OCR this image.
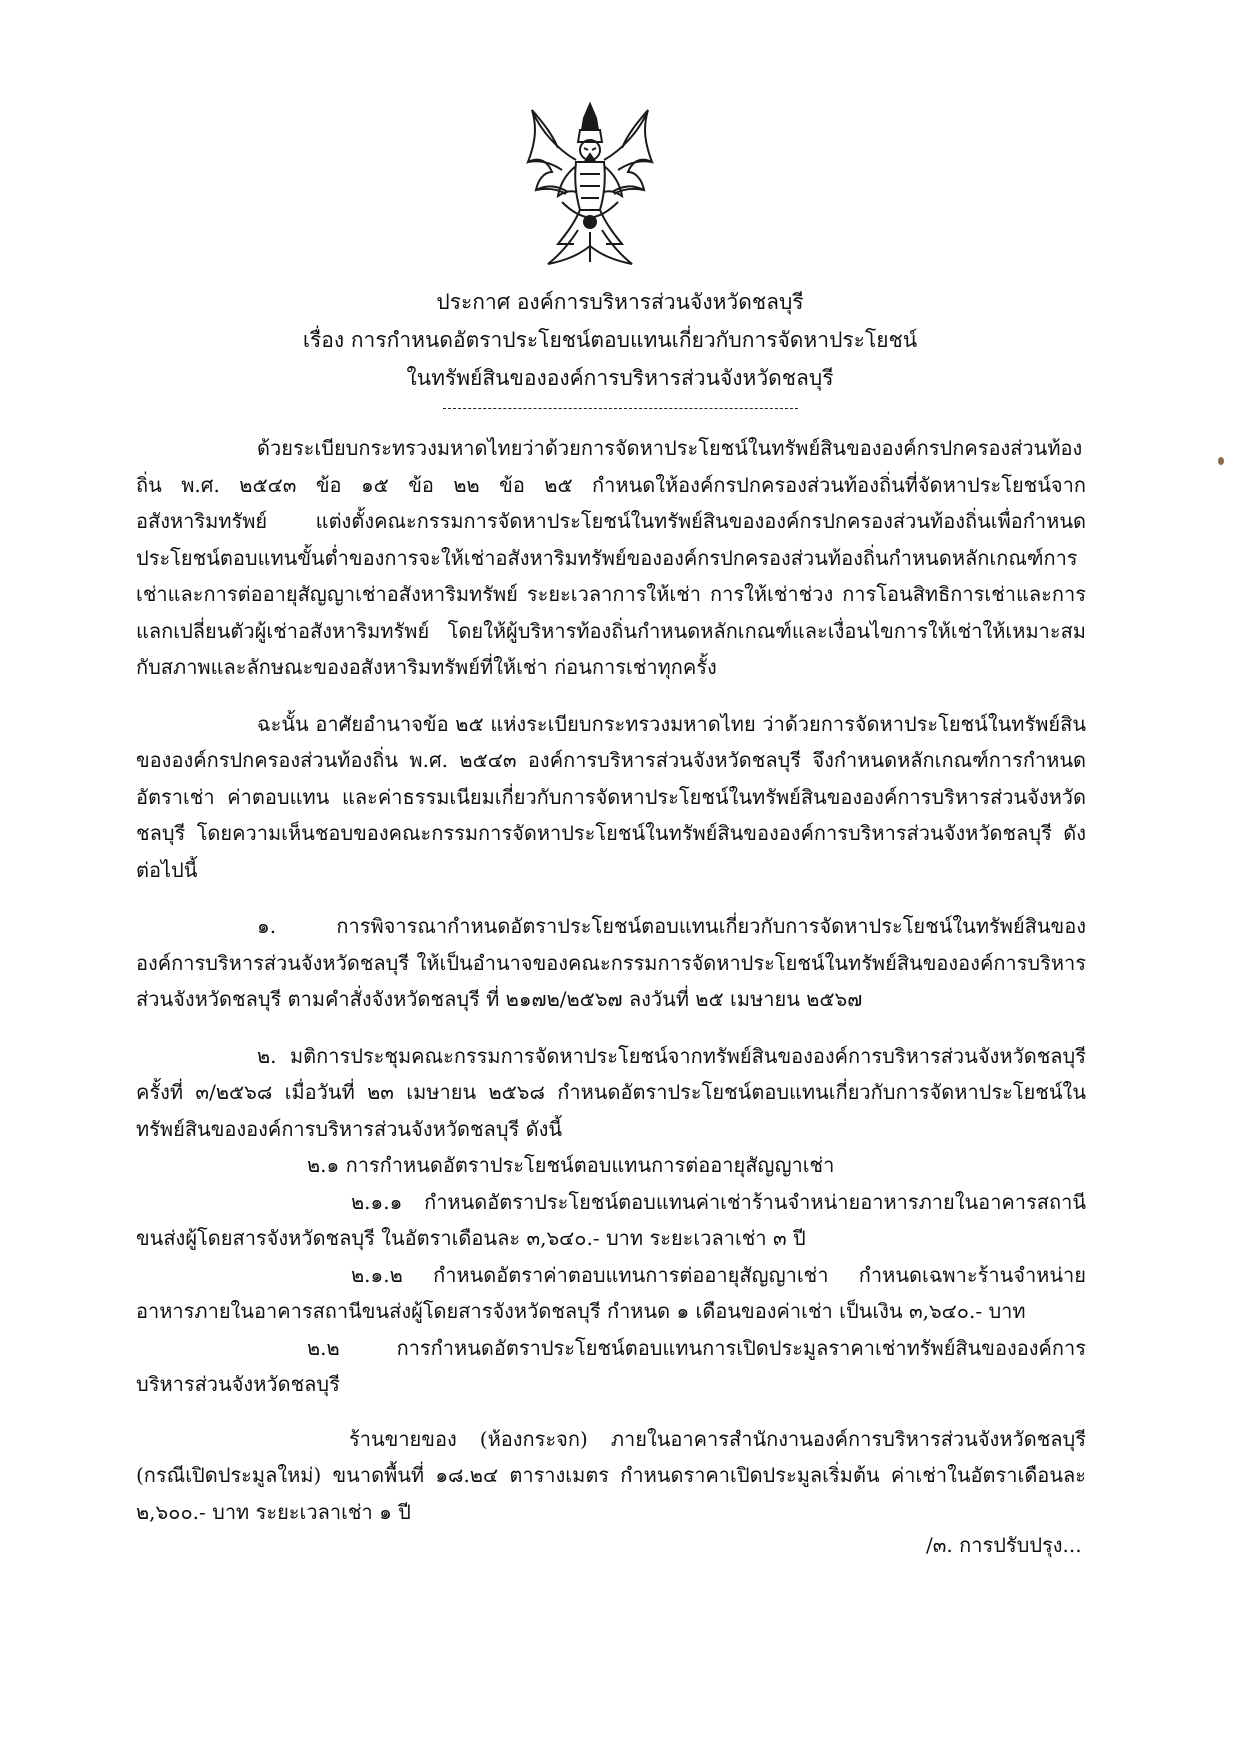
ประกาศ องค์การบริหารส่วนจังหวัดชลบุรี
เรื่อง การกำหนดอัตราประโยชน์ตอบแทนเกี่ยวกับการจัดหาประโยชน์
ในทรัพย์สินขององค์การบริหารส่วนจังหวัดชลบุรี

ด้วยระเบียบกระทรวงมหาดไทยว่าด้วยการจัดหาประโยชน์ในทรัพย์สินขององค์กรปกครองส่วนท้องถิ่น พ.ศ. ๒๕๔๓ ข้อ ๑๕ ข้อ ๒๒ ข้อ ๒๕ กำหนดให้องค์กรปกครองส่วนท้องถิ่นที่จัดหาประโยชน์จากอสังหาริมทรัพย์ แต่งตั้งคณะกรรมการจัดหาประโยชน์ในทรัพย์สินขององค์กรปกครองส่วนท้องถิ่นเพื่อกำหนดประโยชน์ตอบแทนขั้นต่ำของการจะให้เช่าอสังหาริมทรัพย์ขององค์กรปกครองส่วนท้องถิ่นกำหนดหลักเกณฑ์การเช่าและการต่ออายุสัญญาเช่าอสังหาริมทรัพย์ ระยะเวลาการให้เช่า การให้เช่าช่วง การโอนสิทธิการเช่าและการแลกเปลี่ยนตัวผู้เช่าอสังหาริมทรัพย์ โดยให้ผู้บริหารท้องถิ่นกำหนดหลักเกณฑ์และเงื่อนไขการให้เช่าให้เหมาะสมกับสภาพและลักษณะของอสังหาริมทรัพย์ที่ให้เช่า ก่อนการเช่าทุกครั้ง

ฉะนั้น อาศัยอำนาจข้อ ๒๕ แห่งระเบียบกระทรวงมหาดไทย ว่าด้วยการจัดหาประโยชน์ในทรัพย์สินขององค์กรปกครองส่วนท้องถิ่น พ.ศ. ๒๕๔๓ องค์การบริหารส่วนจังหวัดชลบุรี จึงกำหนดหลักเกณฑ์การกำหนดอัตราเช่า ค่าตอบแทน และค่าธรรมเนียมเกี่ยวกับการจัดหาประโยชน์ในทรัพย์สินขององค์การบริหารส่วนจังหวัดชลบุรี โดยความเห็นชอบของคณะกรรมการจัดหาประโยชน์ในทรัพย์สินขององค์การบริหารส่วนจังหวัดชลบุรี ดังต่อไปนี้

๑. การพิจารณากำหนดอัตราประโยชน์ตอบแทนเกี่ยวกับการจัดหาประโยชน์ในทรัพย์สินขององค์การบริหารส่วนจังหวัดชลบุรี ให้เป็นอำนาจของคณะกรรมการจัดหาประโยชน์ในทรัพย์สินขององค์การบริหารส่วนจังหวัดชลบุรี ตามคำสั่งจังหวัดชลบุรี ที่ ๒๑๗๒/๒๕๖๗ ลงวันที่ ๒๕ เมษายน ๒๕๖๗

๒. มติการประชุมคณะกรรมการจัดหาประโยชน์จากทรัพย์สินขององค์การบริหารส่วนจังหวัดชลบุรี ครั้งที่ ๓/๒๕๖๘ เมื่อวันที่ ๒๓ เมษายน ๒๕๖๘ กำหนดอัตราประโยชน์ตอบแทนเกี่ยวกับการจัดหาประโยชน์ในทรัพย์สินขององค์การบริหารส่วนจังหวัดชลบุรี ดังนี้

๒.๑ การกำหนดอัตราประโยชน์ตอบแทนการต่ออายุสัญญาเช่า

๒.๑.๑ กำหนดอัตราประโยชน์ตอบแทนค่าเช่าร้านจำหน่ายอาหารภายในอาคารสถานีขนส่งผู้โดยสารจังหวัดชลบุรี ในอัตราเดือนละ ๓,๖๔๐.- บาท ระยะเวลาเช่า ๓ ปี

๒.๑.๒ กำหนดอัตราค่าตอบแทนการต่ออายุสัญญาเช่า กำหนดเฉพาะร้านจำหน่ายอาหารภายในอาคารสถานีขนส่งผู้โดยสารจังหวัดชลบุรี กำหนด ๑ เดือนของค่าเช่า เป็นเงิน ๓,๖๔๐.- บาท

๒.๒ การกำหนดอัตราประโยชน์ตอบแทนการเปิดประมูลราคาเช่าทรัพย์สินขององค์การบริหารส่วนจังหวัดชลบุรี

ร้านขายของ (ห้องกระจก) ภายในอาคารสำนักงานองค์การบริหารส่วนจังหวัดชลบุรี (กรณีเปิดประมูลใหม่) ขนาดพื้นที่ ๑๘.๒๔ ตารางเมตร กำหนดราคาเปิดประมูลเริ่มต้น ค่าเช่าในอัตราเดือนละ ๒,๖๐๐.- บาท ระยะเวลาเช่า ๑ ปี

/๓. การปรับปรุง...
